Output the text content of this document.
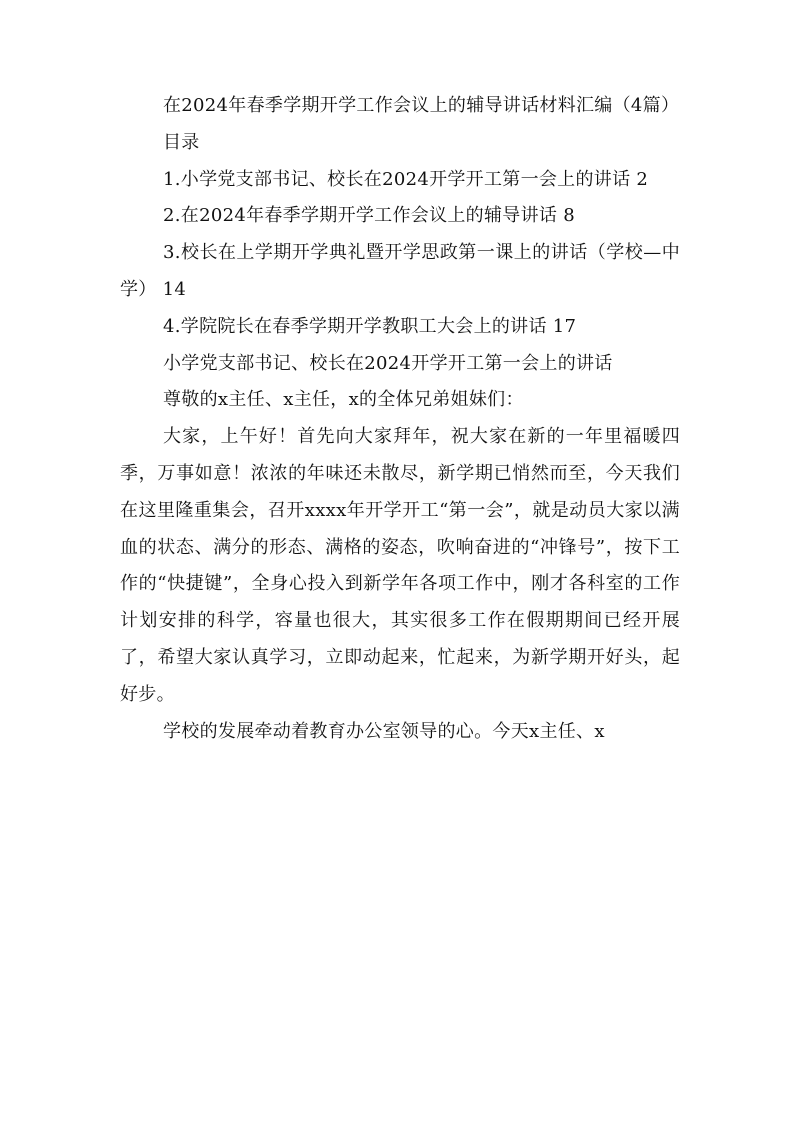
在2024年春季学期开学工作会议上的辅导讲话材料汇编（4篇）

目录

1.小学党支部书记、校长在2024开学开工第一会上的讲话 2

2.在2024年春季学期开学工作会议上的辅导讲话 8

3.校长在上学期开学典礼暨开学思政第一课上的讲话（学校—中学） 14

4.学院院长在春季学期开学教职工大会上的讲话 17

小学党支部书记、校长在2024开学开工第一会上的讲话

尊敬的x主任、x主任，x的全体兄弟姐妹们：

大家，上午好！首先向大家拜年，祝大家在新的一年里福暖四季，万事如意！浓浓的年味还未散尽，新学期已悄然而至，今天我们在这里隆重集会，召开xxxx年开学开工“第一会”，就是动员大家以满血的状态、满分的形态、满格的姿态，吹响奋进的“冲锋号”，按下工作的“快捷键”，全身心投入到新学年各项工作中，刚才各科室的工作计划安排的科学，容量也很大，其实很多工作在假期期间已经开展了，希望大家认真学习，立即动起来，忙起来，为新学期开好头，起好步。

学校的发展牵动着教育办公室领导的心。今天x主任、x
